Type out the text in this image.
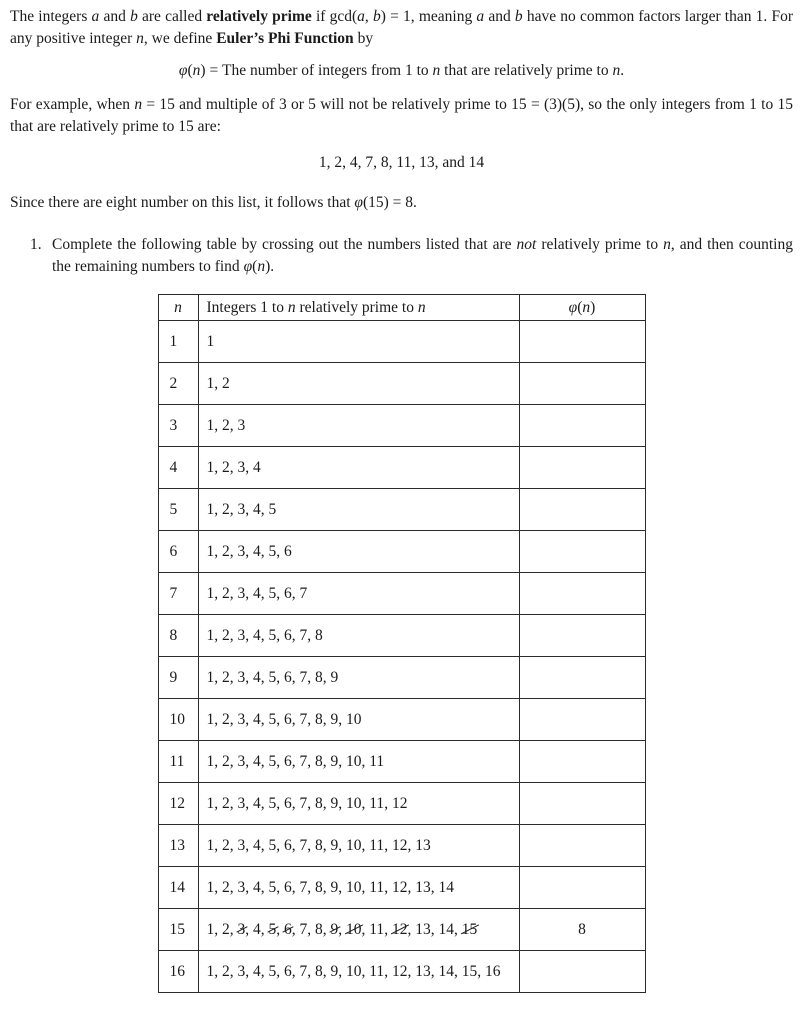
The integers a and b are called relatively prime if gcd(a, b) = 1, meaning a and b have no common factors larger than 1. For any positive integer n, we define Euler’s Phi Function by

φ(n) = The number of integers from 1 to n that are relatively prime to n.

For example, when n = 15 and multiple of 3 or 5 will not be relatively prime to 15 = (3)(5), so the only integers from 1 to 15 that are relatively prime to 15 are:

1, 2, 4, 7, 8, 11, 13, and 14

Since there are eight number on this list, it follows that φ(15) = 8.

1. Complete the following table by crossing out the numbers listed that are not relatively prime to n, and then counting the remaining numbers to find φ(n).
n	Integers 1 to n relatively prime to n	φ(n)
1	1	
2	1, 2	
3	1, 2, 3	
4	1, 2, 3, 4	
5	1, 2, 3, 4, 5	
6	1, 2, 3, 4, 5, 6	
7	1, 2, 3, 4, 5, 6, 7	
8	1, 2, 3, 4, 5, 6, 7, 8	
9	1, 2, 3, 4, 5, 6, 7, 8, 9	
10	1, 2, 3, 4, 5, 6, 7, 8, 9, 10	
11	1, 2, 3, 4, 5, 6, 7, 8, 9, 10, 11	
12	1, 2, 3, 4, 5, 6, 7, 8, 9, 10, 11, 12	
13	1, 2, 3, 4, 5, 6, 7, 8, 9, 10, 11, 12, 13	
14	1, 2, 3, 4, 5, 6, 7, 8, 9, 10, 11, 12, 13, 14	
15	1, 2, 3, 4, 5, 6, 7, 8, 9, 10, 11, 12, 13, 14, 15	8
16	1, 2, 3, 4, 5, 6, 7, 8, 9, 10, 11, 12, 13, 14, 15, 16	
